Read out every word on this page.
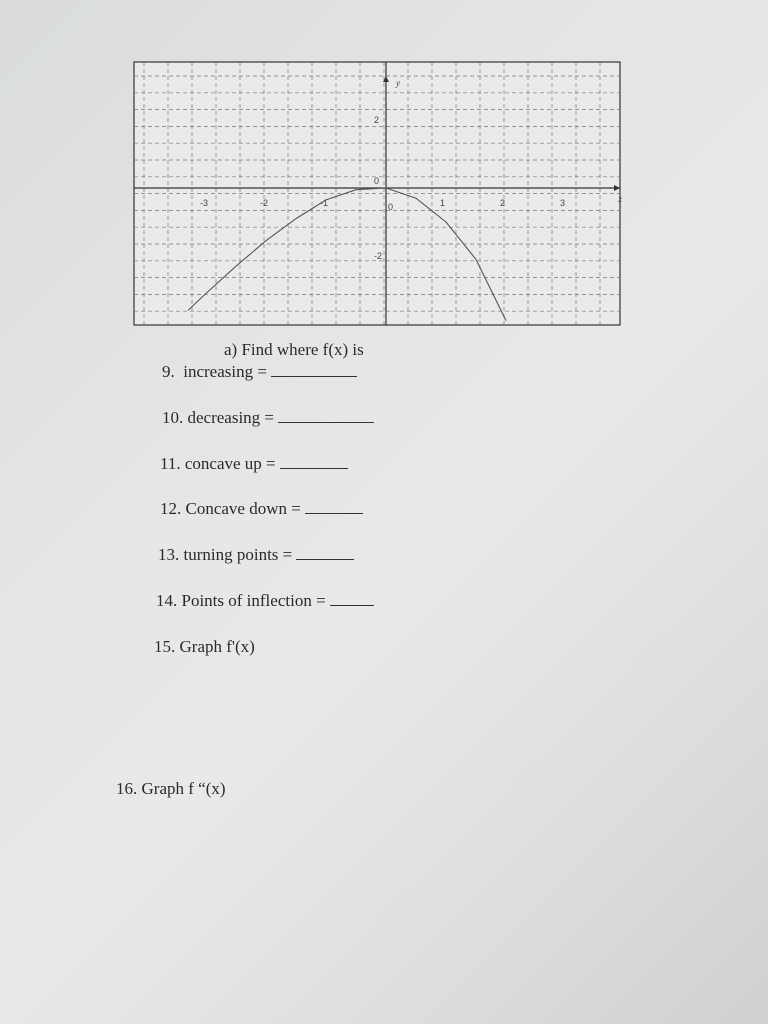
x
y
-3	-2	-1	1	2	3
0
2
0
-2
a) Find where f(x) is
9. increasing =
10. decreasing =
11. concave up =
12. Concave down =
13. turning points =
14. Points of inflection =
15. Graph f'(x)
16. Graph f “(x)
